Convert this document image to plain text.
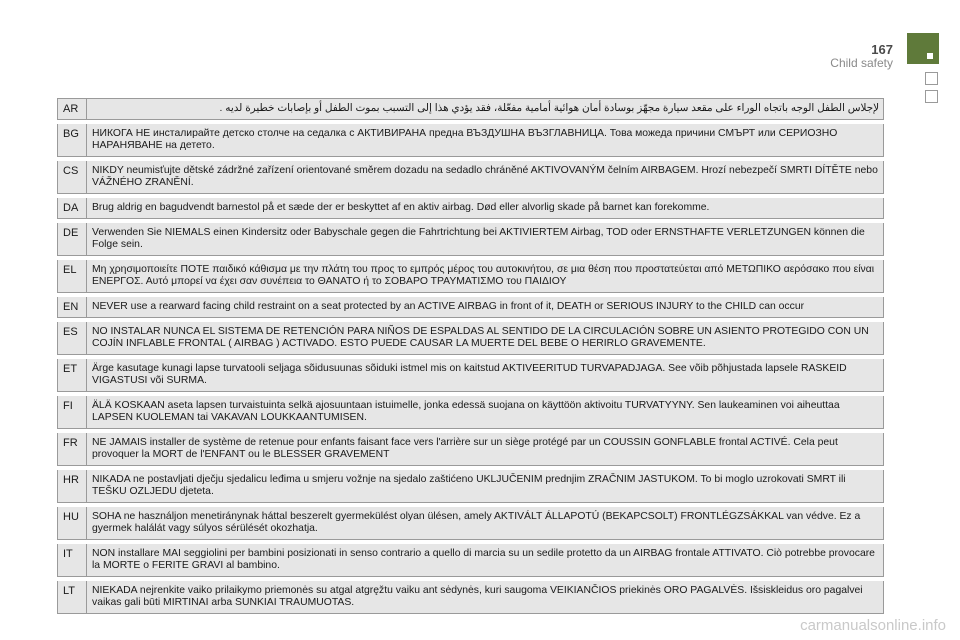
167
Child safety
AR	لإجلاس الطفل الوجه باتجاه الوراء على مقعد سيارة مجهّز بوسادة أمان هوائية أمامية مفعّلة، فقد يؤدي هذا إلى التسبب بموت الطفل أو بإصابات خطيرة لديه .
BG	НИКОГА НЕ инсталирайте детско столче на седалка с АКТИВИРАНА предна ВЪЗДУШНА ВЪЗГЛАВНИЦА. Това можеда причини СМЪРТ или СЕРИОЗНО НАРАНЯВАНЕ на детето.
CS	NIKDY neumisťujte dětské zádržné zařízení orientované směrem dozadu na sedadlo chráněné AKTIVOVANÝM čelním AIRBAGEM. Hrozí nebezpečí SMRTI DÍTĚTE nebo VÁŽNÉHO ZRANĚNÍ.
DA	Brug aldrig en bagudvendt barnestol på et sæde der er beskyttet af en aktiv airbag. Død eller alvorlig skade på barnet kan forekomme.
DE	Verwenden Sie NIEMALS einen Kindersitz oder Babyschale gegen die Fahrtrichtung bei AKTIVIERTEM Airbag, TOD oder ERNSTHAFTE VERLETZUNGEN können die Folge sein.
EL	Μη χρησιμοποιείτε ΠΟΤΕ παιδικό κάθισμα με την πλάτη του προς το εμπρός μέρος του αυτοκινήτου, σε μια θέση που προστατεύεται από ΜΕΤΩΠΙΚΟ αερόσακο που είναι ΕΝΕΡΓΟΣ. Αυτό μπορεί να έχει σαν συνέπεια το ΘΑΝΑΤΟ ή το ΣΟΒΑΡΟ ΤΡΑΥΜΑΤΙΣΜΟ του ΠΑΙΔΙΟΥ
EN	NEVER use a rearward facing child restraint on a seat protected by an ACTIVE AIRBAG in front of it, DEATH or SERIOUS INJURY to the CHILD can occur
ES	NO INSTALAR NUNCA EL SISTEMA DE RETENCIÓN PARA NIÑOS DE ESPALDAS AL SENTIDO DE LA CIRCULACIÓN SOBRE UN ASIENTO PROTEGIDO CON UN COJÍN INFLABLE FRONTAL ( AIRBAG ) ACTIVADO. ESTO PUEDE CAUSAR LA MUERTE DEL BEBE O HERIRLO GRAVEMENTE.
ET	Ärge kasutage kunagi lapse turvatooli seljaga sõidusuunas sõiduki istmel mis on kaitstud AKTIVEERITUD TURVAPADJAGA. See võib põhjustada lapsele RASKEID VIGASTUSI või SURMA.
FI	ÄLÄ KOSKAAN aseta lapsen turvaistuinta selkä ajosuuntaan istuimelle, jonka edessä suojana on käyttöön aktivoitu TURVATYYNY. Sen laukeaminen voi aiheuttaa LAPSEN KUOLEMAN tai VAKAVAN LOUKKAANTUMISEN.
FR	NE JAMAIS installer de système de retenue pour enfants faisant face vers l'arrière sur un siège protégé par un COUSSIN GONFLABLE frontal ACTIVÉ. Cela peut provoquer la MORT de l'ENFANT ou le BLESSER GRAVEMENT
HR	NIKADA ne postavljati dječju sjedalicu leđima u smjeru vožnje na sjedalo zaštićeno UKLJUČENIM prednjim ZRAČNIM JASTUKOM. To bi moglo uzrokovati SMRT ili TEŠKU OZLJEDU djeteta.
HU	SOHA ne használjon menetiránynak háttal beszerelt gyermekülést olyan ülésen, amely AKTIVÁLT ÁLLAPOTÚ (BEKAPCSOLT) FRONTLÉGZSÁKKAL van védve. Ez a gyermek halálát vagy súlyos sérülését okozhatja.
IT	NON installare MAI seggiolini per bambini posizionati in senso contrario a quello di marcia su un sedile protetto da un AIRBAG frontale ATTIVATO. Ciò potrebbe provocare la MORTE o FERITE GRAVI al bambino.
LT	NIEKADA nejrenkite vaiko prilaikymo priemonės su atgal atgręžtu vaiku ant sėdynės, kuri saugoma VEIKIANČIOS priekinės ORO PAGALVĖS. Išsiskleidus oro pagalvei vaikas gali būti MIRTINAI arba SUNKIAI TRAUMUOTAS.
carmanualsonline.info
